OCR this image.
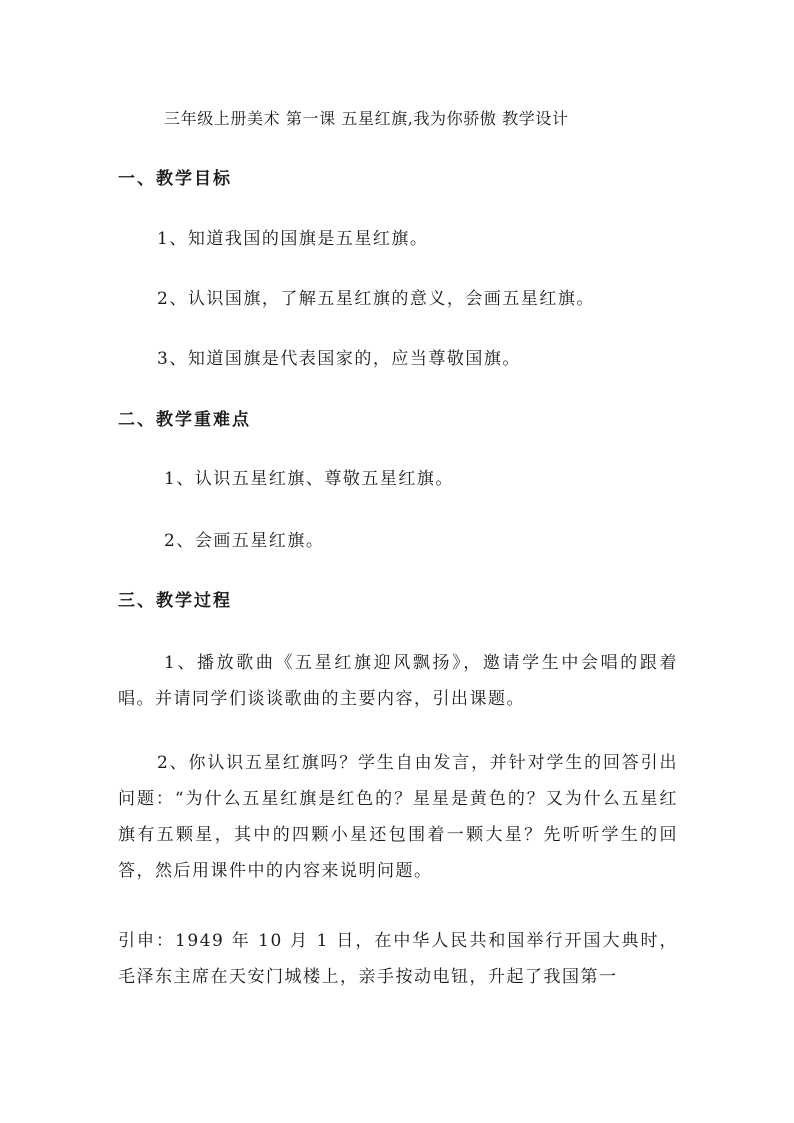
三年级上册美术 第一课 五星红旗,我为你骄傲 教学设计
一、教学目标
1、知道我国的国旗是五星红旗。
2、认识国旗，了解五星红旗的意义，会画五星红旗。
3、知道国旗是代表国家的，应当尊敬国旗。
二、教学重难点
1、认识五星红旗、尊敬五星红旗。
2、会画五星红旗。
三、教学过程
1、播放歌曲《五星红旗迎风飘扬》，邀请学生中会唱的跟着唱。并请同学们谈谈歌曲的主要内容，引出课题。
2、你认识五星红旗吗？学生自由发言，并针对学生的回答引出问题：“为什么五星红旗是红色的？星星是黄色的？又为什么五星红旗有五颗星，其中的四颗小星还包围着一颗大星？先听听学生的回答，然后用课件中的内容来说明问题。
引申：1949 年 10 月 1 日，在中华人民共和国举行开国大典时，毛泽东主席在天安门城楼上，亲手按动电钮，升起了我国第一
